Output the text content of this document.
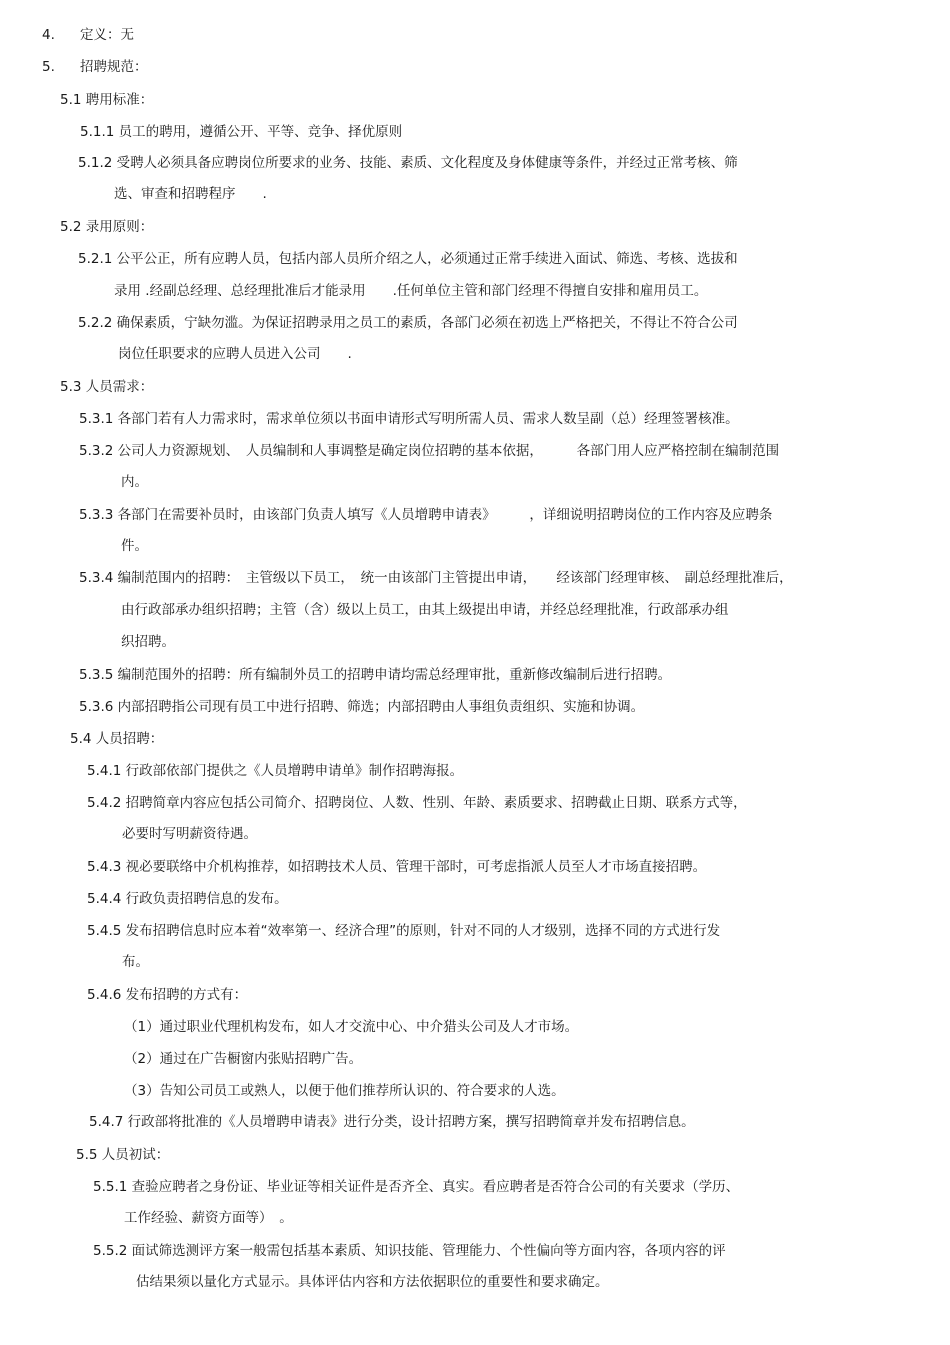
4. 定义：无
5. 招聘规范：
5.1 聘用标准：
5.1.1 员工的聘用，遵循公开、平等、竞争、择优原则
5.1.2 受聘人必须具备应聘岗位所要求的业务、技能、素质、文化程度及身体健康等条件，并经过正常考核、筛
选、审查和招聘程序　　.
5.2 录用原则：
5.2.1 公平公正，所有应聘人员，包括内部人员所介绍之人，必须通过正常手续进入面试、筛选、考核、选拔和
录用 .经副总经理、总经理批准后才能录用　　.任何单位主管和部门经理不得擅自安排和雇用员工。
5.2.2 确保素质，宁缺勿滥。为保证招聘录用之员工的素质，各部门必须在初选上严格把关，不得让不符合公司
岗位任职要求的应聘人员进入公司　　.
5.3 人员需求：
5.3.1 各部门若有人力需求时，需求单位须以书面申请形式写明所需人员、需求人数呈副（总）经理签署核准。
5.3.2 公司人力资源规划、　人员编制和人事调整是确定岗位招聘的基本依据，　　　各部门用人应严格控制在编制范围
内。
5.3.3 各部门在需要补员时，由该部门负责人填写《人员增聘申请表》　　　，详细说明招聘岗位的工作内容及应聘条
件。
5.3.4 编制范围内的招聘：　主管级以下员工，　统一由该部门主管提出申请，　　经该部门经理审核、　副总经理批准后，
由行政部承办组织招聘；主管（含）级以上员工，由其上级提出申请，并经总经理批准，行政部承办组
织招聘。
5.3.5 编制范围外的招聘：所有编制外员工的招聘申请均需总经理审批，重新修改编制后进行招聘。
5.3.6 内部招聘指公司现有员工中进行招聘、筛选；内部招聘由人事组负责组织、实施和协调。
5.4 人员招聘：
5.4.1 行政部依部门提供之《人员增聘申请单》制作招聘海报。
5.4.2 招聘简章内容应包括公司简介、招聘岗位、人数、性别、年龄、素质要求、招聘截止日期、联系方式等，
必要时写明薪资待遇。
5.4.3 视必要联络中介机构推荐，如招聘技术人员、管理干部时，可考虑指派人员至人才市场直接招聘。
5.4.4 行政负责招聘信息的发布。
5.4.5 发布招聘信息时应本着“效率第一、经济合理”的原则，针对不同的人才级别，选择不同的方式进行发
布。
5.4.6 发布招聘的方式有：
（1）通过职业代理机构发布，如人才交流中心、中介猎头公司及人才市场。
（2）通过在广告橱窗内张贴招聘广告。
（3）告知公司员工或熟人，以便于他们推荐所认识的、符合要求的人选。
5.4.7 行政部将批准的《人员增聘申请表》进行分类，设计招聘方案，撰写招聘简章并发布招聘信息。
5.5 人员初试：
5.5.1 查验应聘者之身份证、毕业证等相关证件是否齐全、真实。看应聘者是否符合公司的有关要求（学历、
工作经验、薪资方面等）　。
5.5.2 面试筛选测评方案一般需包括基本素质、知识技能、管理能力、个性偏向等方面内容，各项内容的评
估结果须以量化方式显示。具体评估内容和方法依据职位的重要性和要求确定。
